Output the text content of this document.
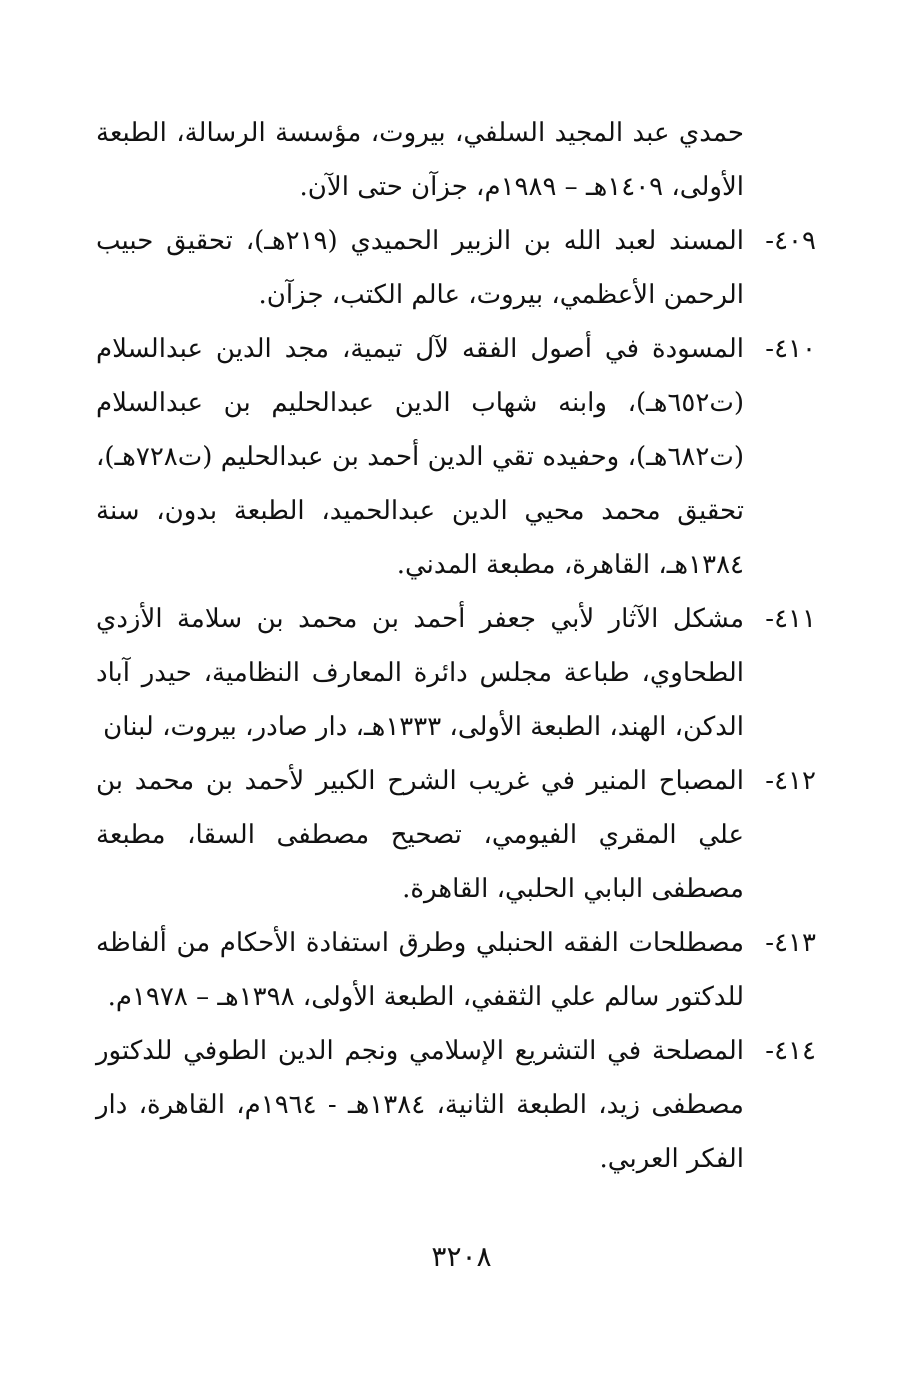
حمدي عبد المجيد السلفي، بيروت، مؤسسة الرسالة، الطبعة الأولى، ١٤٠٩هـ – ١٩٨٩م، جزآن حتى الآن.
٤٠٩-
المسند لعبد الله بن الزبير الحميدي (٢١٩هـ)، تحقيق حبيب الرحمن الأعظمي، بيروت، عالم الكتب، جزآن.
٤١٠-
المسودة في أصول الفقه لآل تيمية، مجد الدين عبدالسلام (ت٦٥٢هـ)، وابنه شهاب الدين عبدالحليم بن عبدالسلام (ت٦٨٢هـ)، وحفيده تقي الدين أحمد بن عبدالحليم (ت٧٢٨هـ)، تحقيق محمد محيي الدين عبدالحميد، الطبعة بدون، سنة ١٣٨٤هـ، القاهرة، مطبعة المدني.
٤١١-
مشكل الآثار لأبي جعفر أحمد بن محمد بن سلامة الأزدي الطحاوي، طباعة مجلس دائرة المعارف النظامية، حيدر آباد الدكن، الهند، الطبعة الأولى، ١٣٣٣هـ، دار صادر، بيروت، لبنان
٤١٢-
المصباح المنير في غريب الشرح الكبير لأحمد بن محمد بن علي المقري الفيومي، تصحيح مصطفى السقا، مطبعة مصطفى البابي الحلبي، القاهرة.
٤١٣-
مصطلحات الفقه الحنبلي وطرق استفادة الأحكام من ألفاظه للدكتور سالم علي الثقفي، الطبعة الأولى، ١٣٩٨هـ – ١٩٧٨م.
٤١٤-
المصلحة في التشريع الإسلامي ونجم الدين الطوفي للدكتور مصطفى زيد، الطبعة الثانية، ١٣٨٤هـ - ١٩٦٤م، القاهرة، دار الفكر العربي.
٣٢٠٨
